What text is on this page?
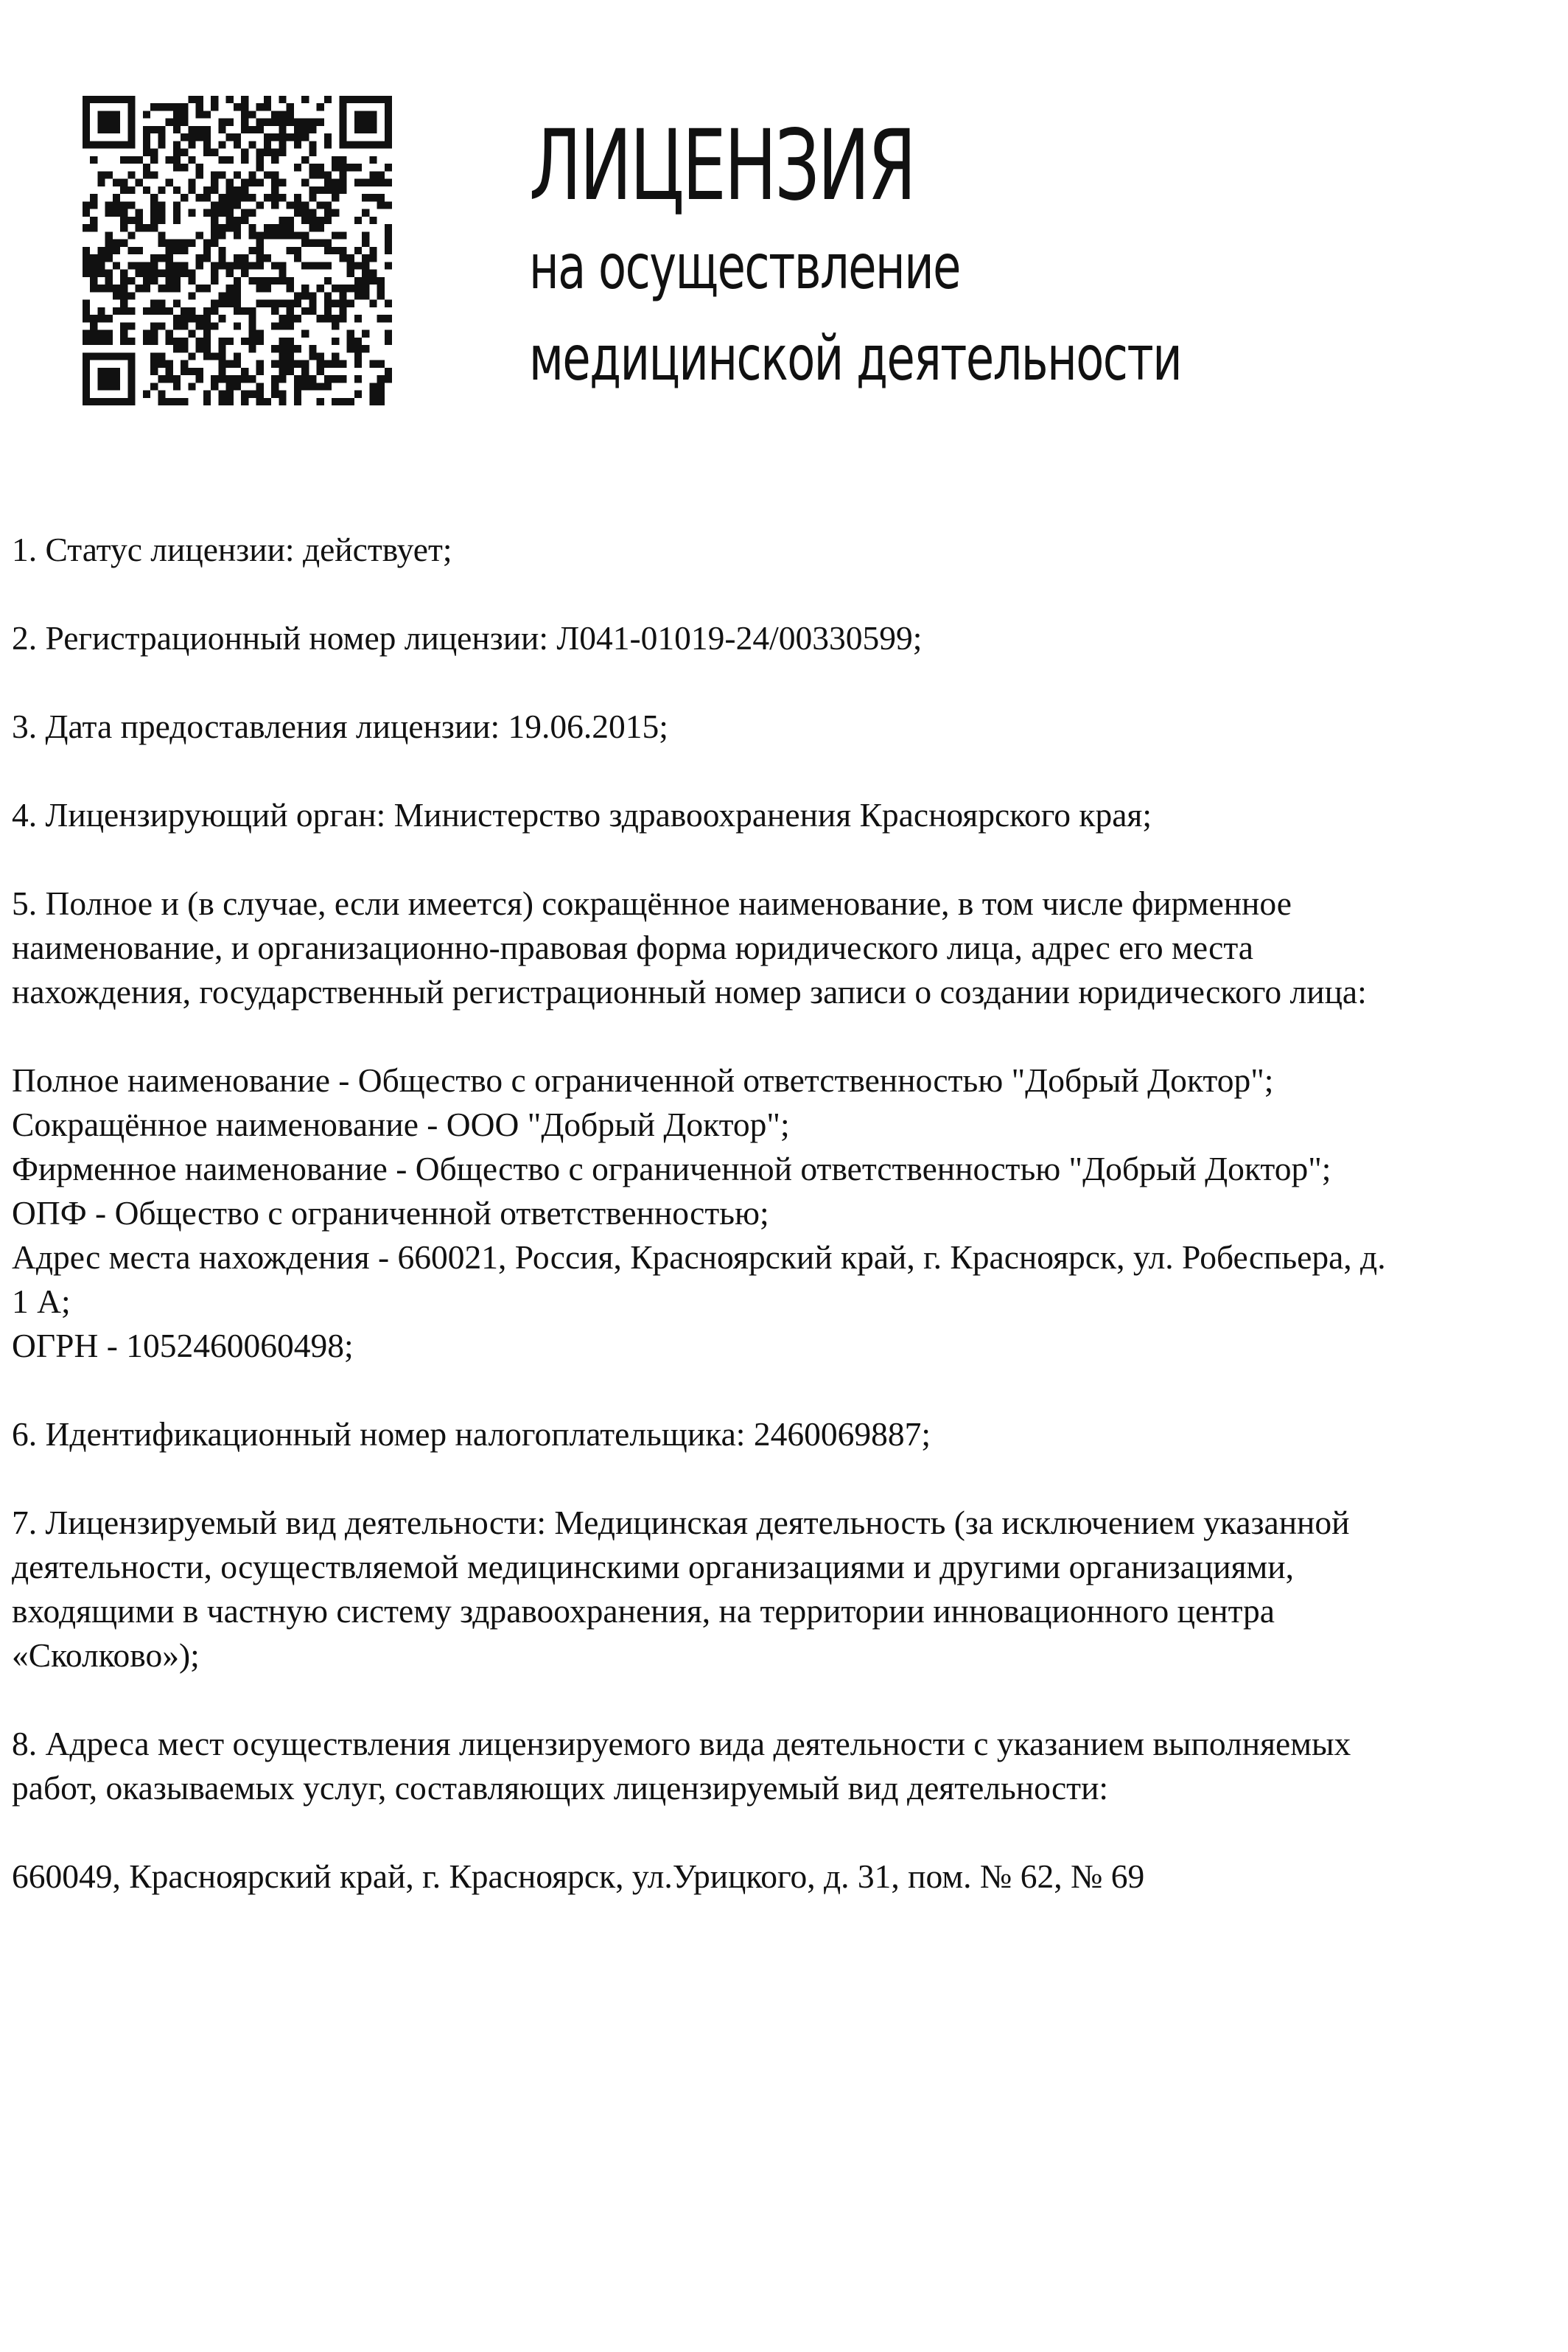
ЛИЦЕНЗИЯ
на осуществление
медицинской деятельности

1. Статус лицензии: действует;

2. Регистрационный номер лицензии: Л041-01019-24/00330599;

3. Дата предоставления лицензии: 19.06.2015;

4. Лицензирующий орган: Министерство здравоохранения Красноярского края;

5. Полное и (в случае, если имеется) сокращённое наименование, в том числе фирменное

наименование, и организационно-правовая форма юридического лица, адрес его места

нахождения, государственный регистрационный номер записи о создании юридического лица:

Полное наименование - Общество с ограниченной ответственностью "Добрый Доктор";

Сокращённое наименование - ООО "Добрый Доктор";

Фирменное наименование - Общество с ограниченной ответственностью "Добрый Доктор";

ОПФ - Общество с ограниченной ответственностью;

Адрес места нахождения - 660021, Россия, Красноярский край, г. Красноярск, ул. Робеспьера, д.

1 А;

ОГРН - 1052460060498;

6. Идентификационный номер налогоплательщика: 2460069887;

7. Лицензируемый вид деятельности: Медицинская деятельность (за исключением указанной

деятельности, осуществляемой медицинскими организациями и другими организациями,

входящими в частную систему здравоохранения, на территории инновационного центра

«Сколково»);

8. Адреса мест осуществления лицензируемого вида деятельности с указанием выполняемых

работ, оказываемых услуг, составляющих лицензируемый вид деятельности:

660049, Красноярский край, г. Красноярск, ул.Урицкого, д. 31, пом. № 62, № 69
